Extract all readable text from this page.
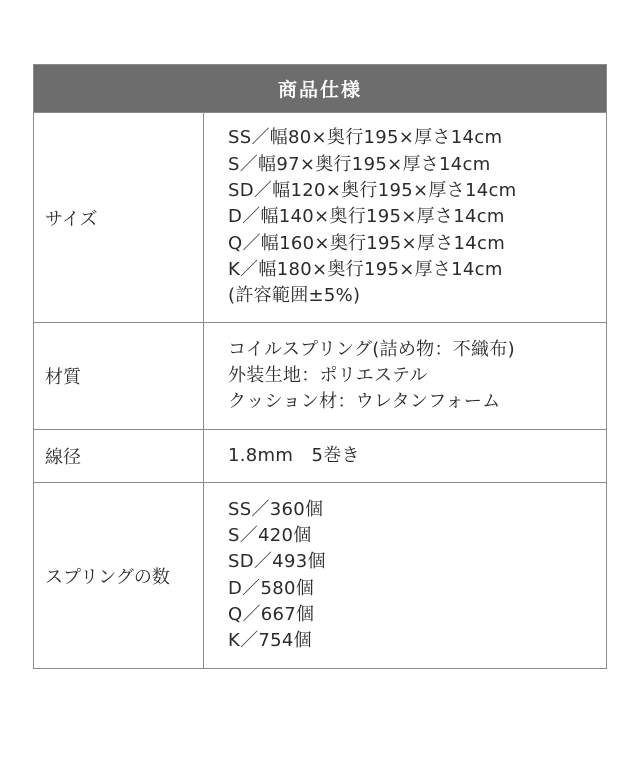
商品仕様
サイズ
SS／幅80×奥行195×厚さ14cm
S／幅97×奥行195×厚さ14cm
SD／幅120×奥行195×厚さ14cm
D／幅140×奥行195×厚さ14cm
Q／幅160×奥行195×厚さ14cm
K／幅180×奥行195×厚さ14cm
(許容範囲±5%)
材質
コイルスプリング(詰め物：不織布)
外装生地：ポリエステル
クッション材：ウレタンフォーム
線径	1.8mm　5巻き
スプリングの数
SS／360個
S／420個
SD／493個
D／580個
Q／667個
K／754個
